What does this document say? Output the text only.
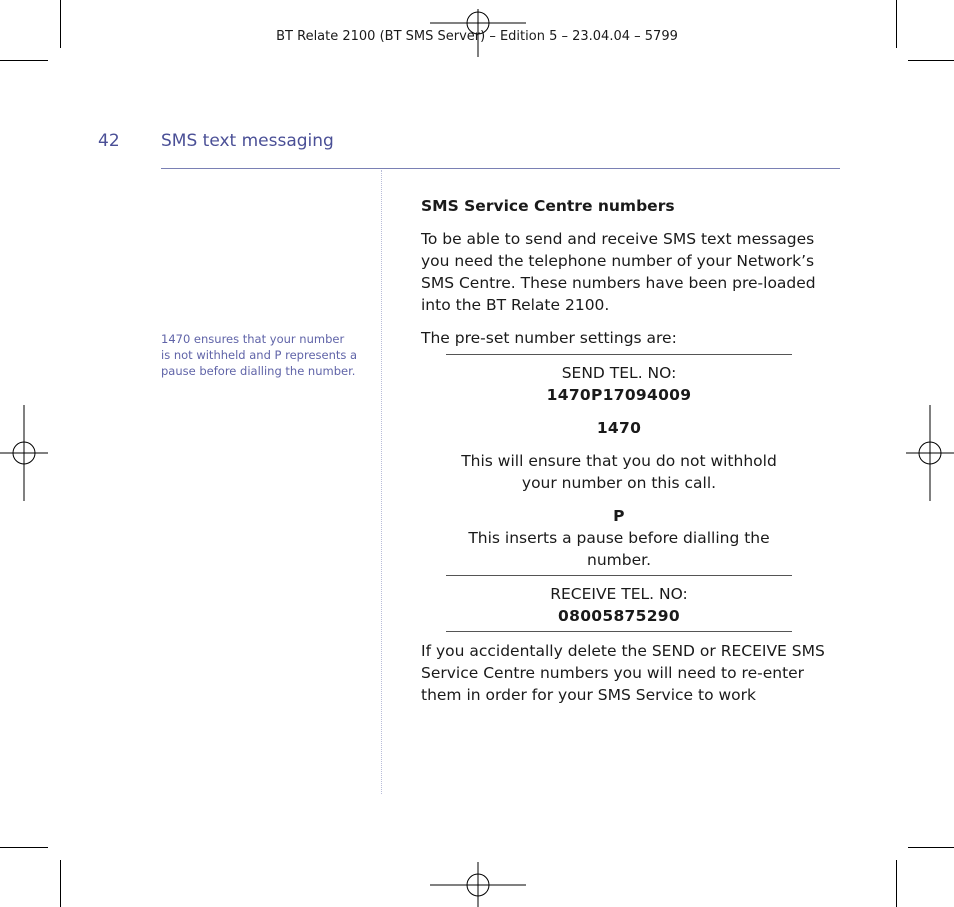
BT Relate 2100 (BT SMS Server) – Edition 5 – 23.04.04 – 5799
42 SMS text messaging
1470 ensures that your number
is not withheld and P represents a
pause before dialling the number.
SMS Service Centre numbers
To be able to send and receive SMS text messages you need the telephone number of your Network’s SMS Centre. These numbers have been pre-loaded into the BT Relate 2100.
The pre-set number settings are:
SEND TEL. NO:
1470P17094009
1470
This will ensure that you do not withhold
your number on this call.
P
This inserts a pause before dialling the number.
RECEIVE TEL. NO:
08005875290
If you accidentally delete the SEND or RECEIVE SMS Service Centre numbers you will need to re-enter them in order for your SMS Service to work
